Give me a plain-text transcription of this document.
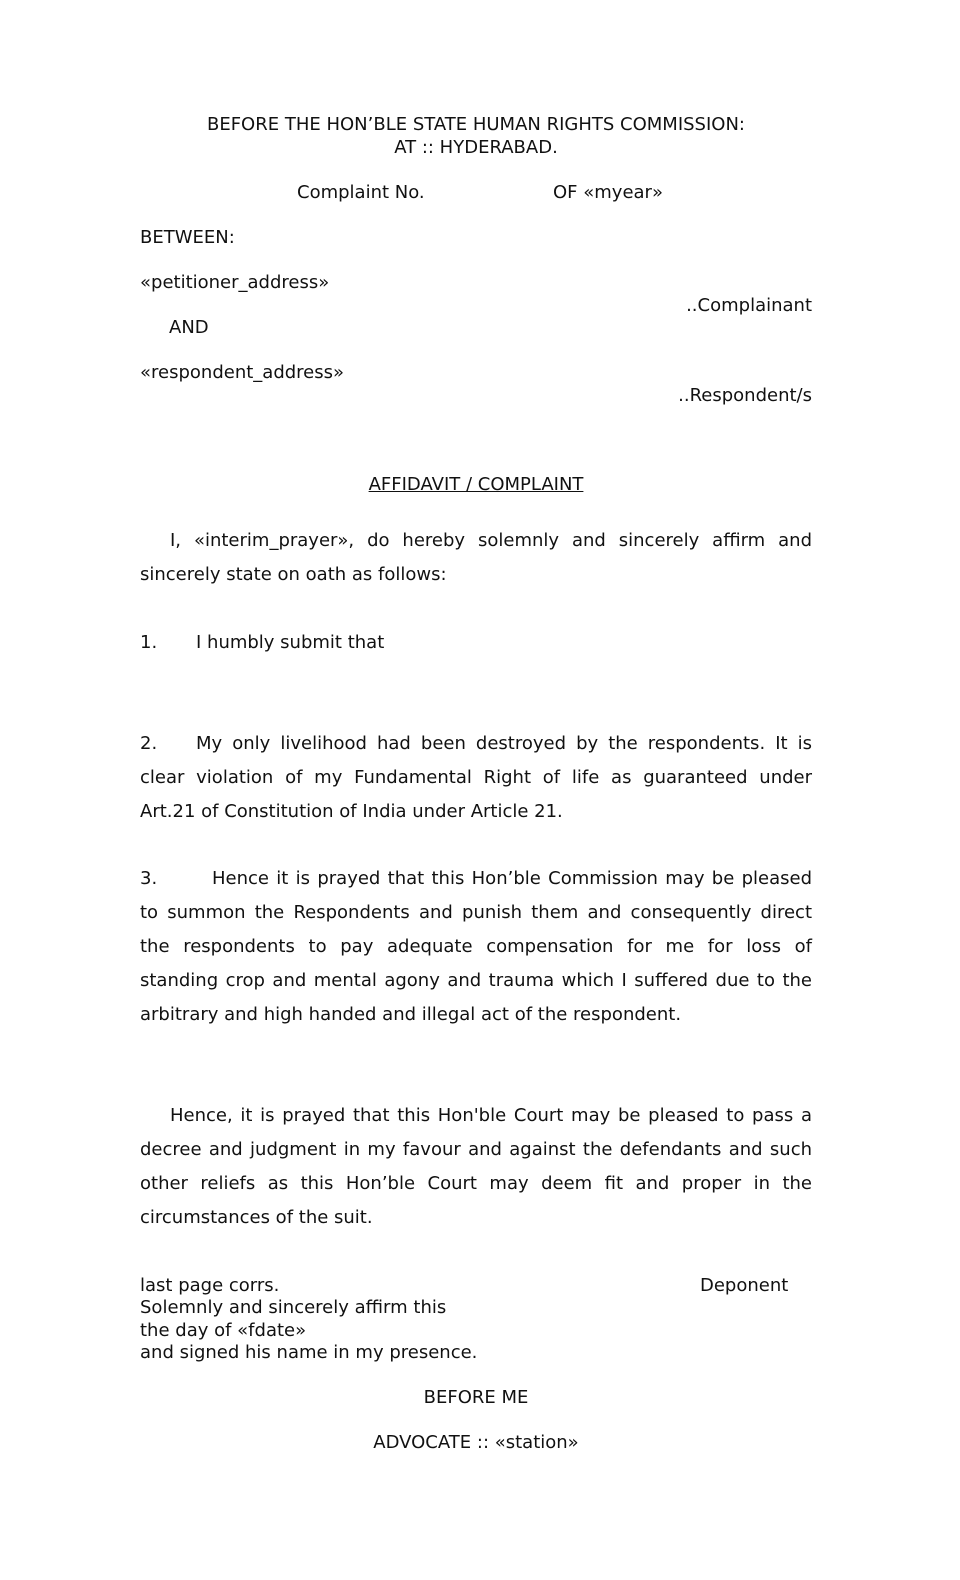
BEFORE THE HON’BLE STATE HUMAN RIGHTS COMMISSION:
AT :: HYDERABAD.
Complaint No.	OF «myear»
BETWEEN:
«petitioner_address»
..Complainant
AND
«respondent_address»
..Respondent/s
AFFIDAVIT / COMPLAINT
I, «interim_prayer», do hereby solemnly and sincerely affirm and sincerely state on oath as follows:
1. I humbly submit that
2. My only livelihood had been destroyed by the respondents. It is clear violation of my Fundamental Right of life as guaranteed under Art.21 of Constitution of India under Article 21.
3.	Hence it is prayed that this Hon’ble Commission may be pleased to summon the Respondents and punish them and consequently direct the respondents to pay adequate compensation for me for loss of standing crop and mental agony and trauma which I suffered due to the arbitrary and high handed and illegal act of the respondent.
Hence, it is prayed that this Hon'ble Court may be pleased to pass a decree and judgment in my favour and against the defendants and such other reliefs as this Hon’ble Court may deem fit and proper in the circumstances of the suit.
last page corrs.	Deponent
Solemnly and sincerely affirm this
the day of «fdate»
and signed his name in my presence.
BEFORE ME
ADVOCATE :: «station»
